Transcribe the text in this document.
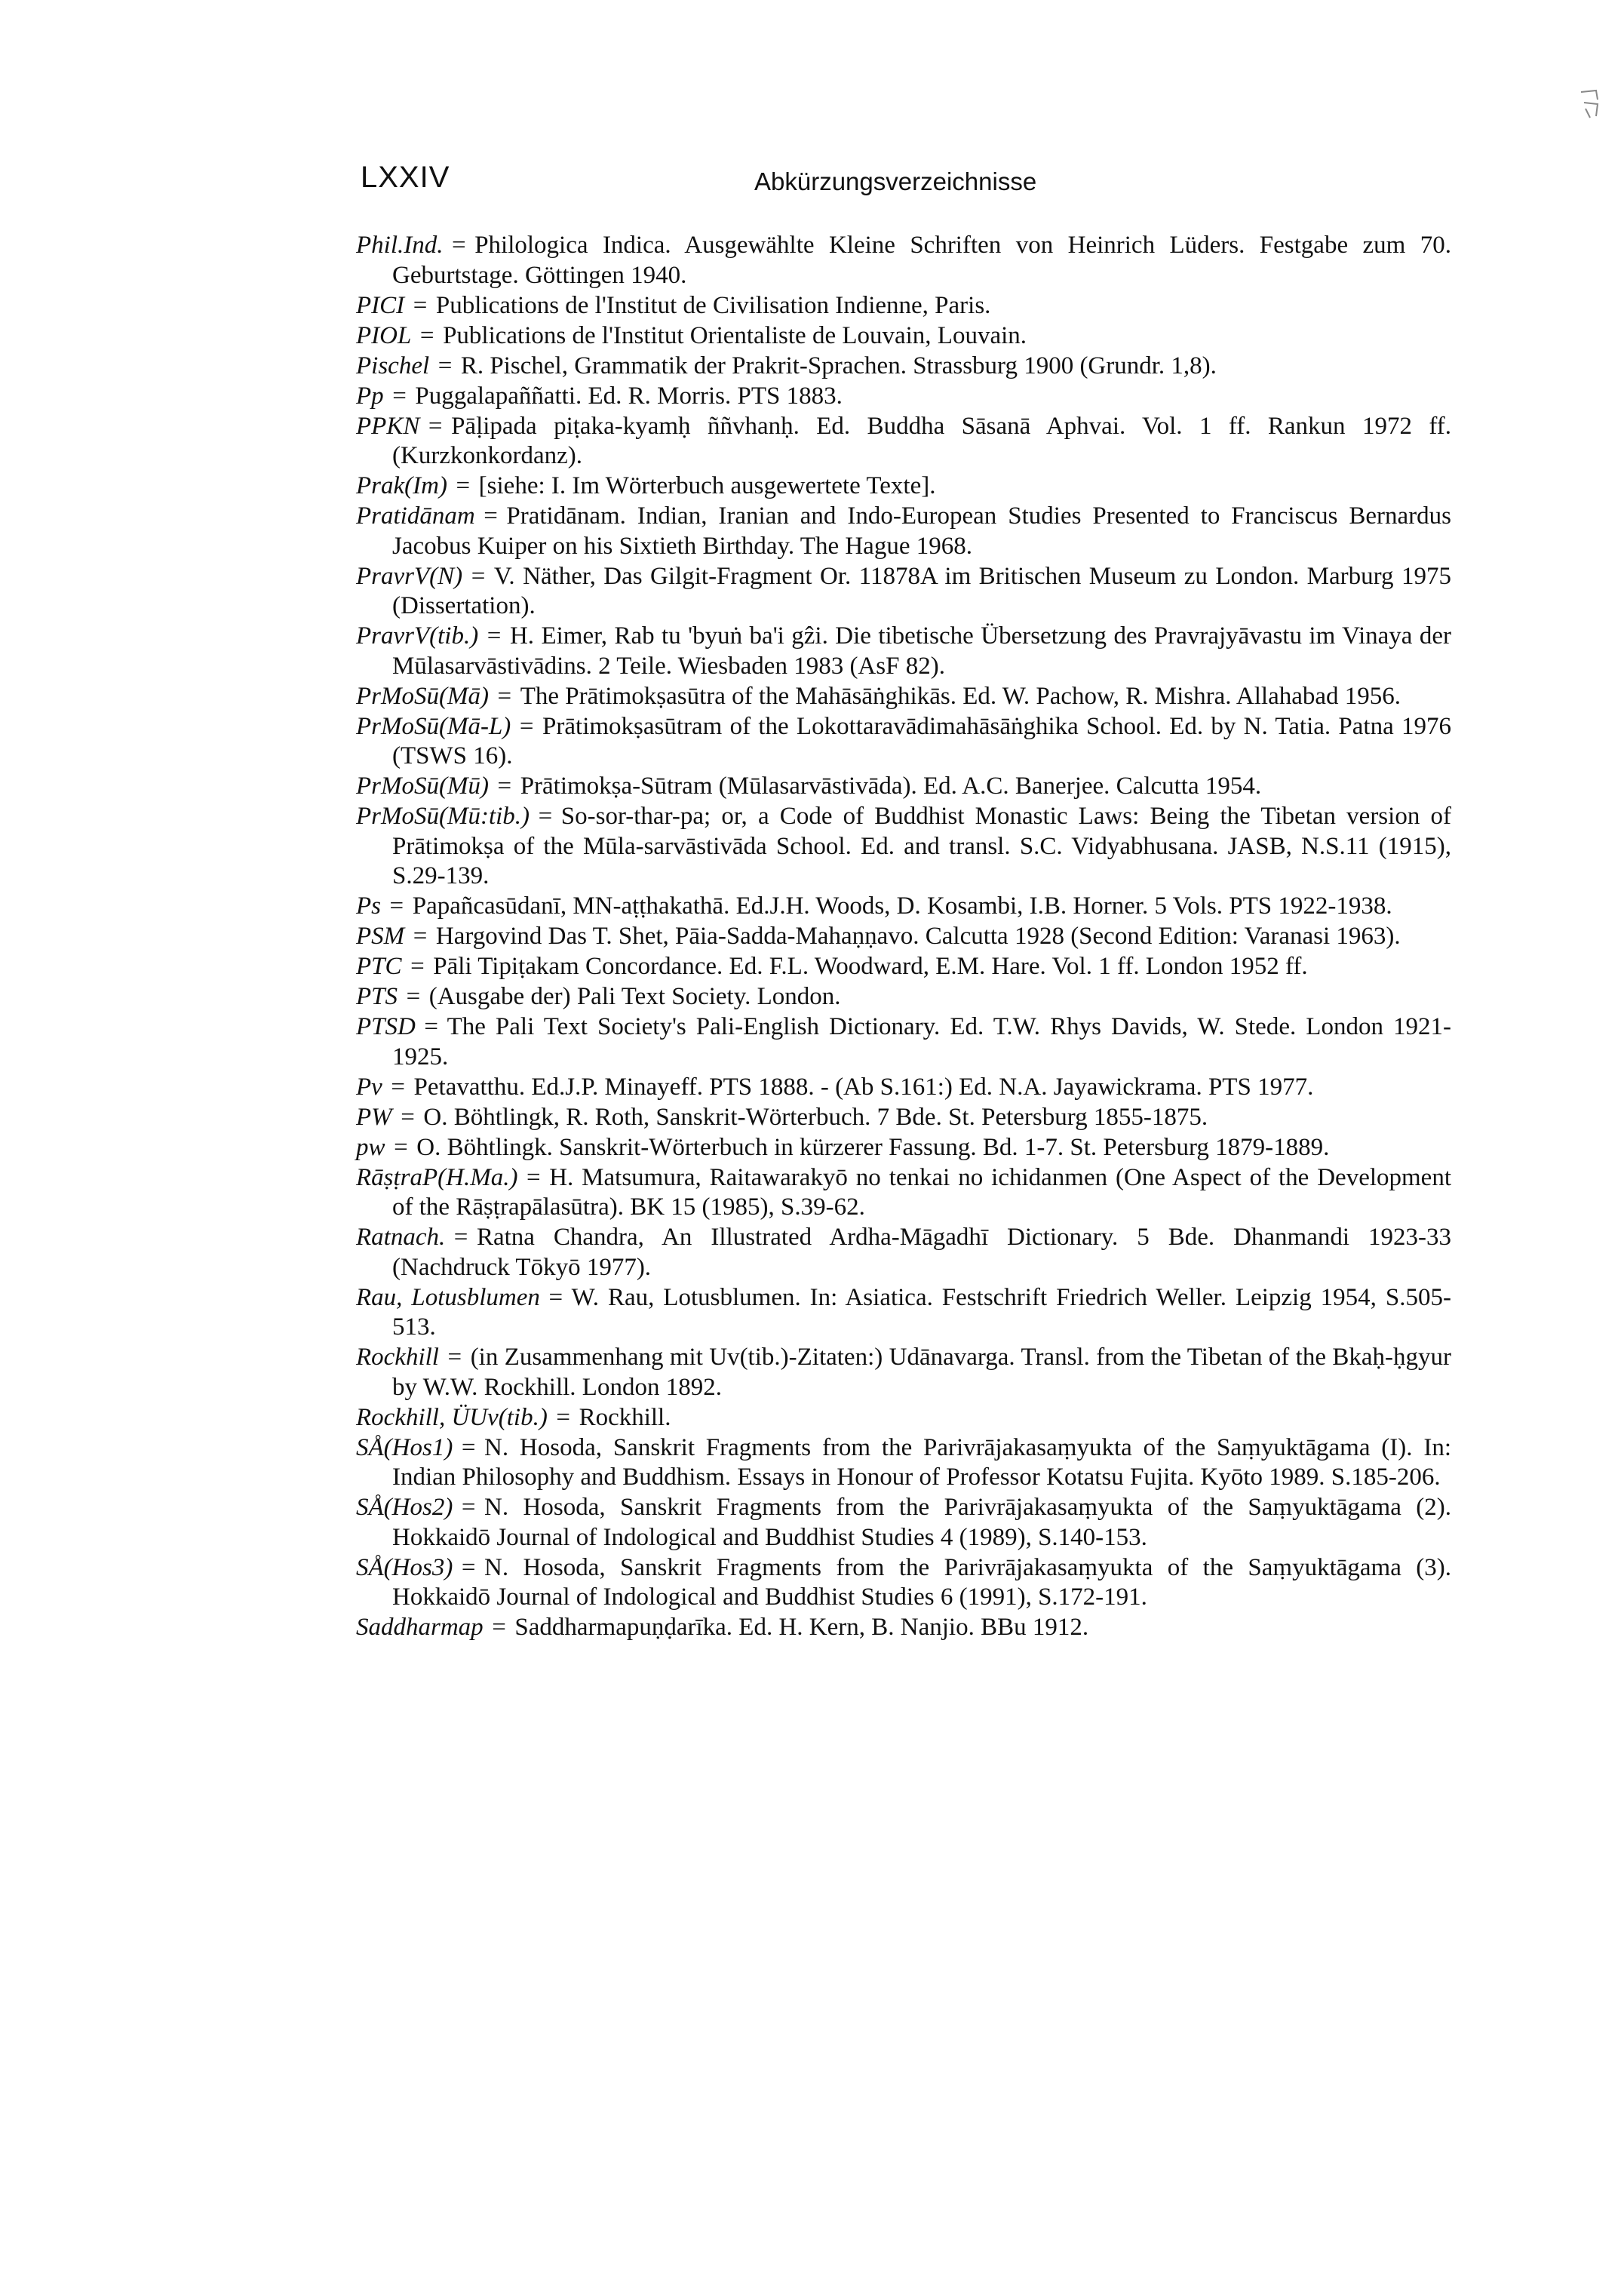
LXXIV	Abkürzungsverzeichnisse

Phil.Ind. = Philologica Indica. Ausgewählte Kleine Schriften von Heinrich Lüders. Festgabe zum 70. Geburtstage. Göttingen 1940.

PICI = Publications de l'Institut de Civilisation Indienne, Paris.

PIOL = Publications de l'Institut Orientaliste de Louvain, Louvain.

Pischel = R. Pischel, Grammatik der Prakrit-Sprachen. Strassburg 1900 (Grundr. 1,8).

Pp = Puggalapaññatti. Ed. R. Morris. PTS 1883.

PPKN = Pāḷipada piṭaka-kyamḥ ññvhanḥ. Ed. Buddha Sāsanā Aphvai. Vol. 1 ff. Rankun 1972 ff. (Kurzkonkordanz).

Prak(Im) = [siehe: I. Im Wörterbuch ausgewertete Texte].

Pratidānam = Pratidānam. Indian, Iranian and Indo-European Studies Presented to Franciscus Bernardus Jacobus Kuiper on his Sixtieth Birthday. The Hague 1968.

PravrV(N) = V. Näther, Das Gilgit-Fragment Or. 11878A im Britischen Museum zu London. Marburg 1975 (Dissertation).

PravrV(tib.) = H. Eimer, Rab tu 'byuṅ ba'i gẑi. Die tibetische Übersetzung des Pravrajyāvastu im Vinaya der Mūlasarvāstivādins. 2 Teile. Wiesbaden 1983 (AsF 82).

PrMoSū(Mā) = The Prātimokṣasūtra of the Mahāsāṅghikās. Ed. W. Pachow, R. Mishra. Allahabad 1956.

PrMoSū(Mā-L) = Prātimokṣasūtram of the Lokottaravādimahāsāṅghika School. Ed. by N. Tatia. Patna 1976 (TSWS 16).

PrMoSū(Mū) = Prātimokṣa-Sūtram (Mūlasarvāstivāda). Ed. A.C. Banerjee. Calcutta 1954.

PrMoSū(Mū:tib.) = So-sor-thar-pa; or, a Code of Buddhist Monastic Laws: Being the Tibetan version of Prātimokṣa of the Mūla-sarvāstivāda School. Ed. and transl. S.C. Vidyabhusana. JASB, N.S.11 (1915), S.29-139.

Ps = Papañcasūdanī, MN-aṭṭhakathā. Ed.J.H. Woods, D. Kosambi, I.B. Horner. 5 Vols. PTS 1922-1938.

PSM = Hargovind Das T. Shet, Pāia-Sadda-Mahaṇṇavo. Calcutta 1928 (Second Edition: Varanasi 1963).

PTC = Pāli Tipiṭakam Concordance. Ed. F.L. Woodward, E.M. Hare. Vol. 1 ff. London 1952 ff.

PTS = (Ausgabe der) Pali Text Society. London.

PTSD = The Pali Text Society's Pali-English Dictionary. Ed. T.W. Rhys Davids, W. Stede. London 1921-1925.

Pv = Petavatthu. Ed.J.P. Minayeff. PTS 1888. - (Ab S.161:) Ed. N.A. Jayawickrama. PTS 1977.

PW = O. Böhtlingk, R. Roth, Sanskrit-Wörterbuch. 7 Bde. St. Petersburg 1855-1875.

pw = O. Böhtlingk. Sanskrit-Wörterbuch in kürzerer Fassung. Bd. 1-7. St. Petersburg 1879-1889.

RāṣṭraP(H.Ma.) = H. Matsumura, Raitawarakyō no tenkai no ichidanmen (One Aspect of the Development of the Rāṣṭrapālasūtra). BK 15 (1985), S.39-62.

Ratnach. = Ratna Chandra, An Illustrated Ardha-Māgadhī Dictionary. 5 Bde. Dhanmandi 1923-33 (Nachdruck Tōkyō 1977).

Rau, Lotusblumen = W. Rau, Lotusblumen. In: Asiatica. Festschrift Friedrich Weller. Leipzig 1954, S.505-513.

Rockhill = (in Zusammenhang mit Uv(tib.)-Zitaten:) Udānavarga. Transl. from the Tibetan of the Bkaḥ-ḥgyur by W.W. Rockhill. London 1892.

Rockhill, ÜUv(tib.) = Rockhill.

SÅ(Hos1) = N. Hosoda, Sanskrit Fragments from the Parivrājakasaṃyukta of the Saṃyuktāgama (I). In: Indian Philosophy and Buddhism. Essays in Honour of Professor Kotatsu Fujita. Kyōto 1989. S.185-206.

SÅ(Hos2) = N. Hosoda, Sanskrit Fragments from the Parivrājakasaṃyukta of the Saṃyuktāgama (2). Hokkaidō Journal of Indological and Buddhist Studies 4 (1989), S.140-153.

SÅ(Hos3) = N. Hosoda, Sanskrit Fragments from the Parivrājakasaṃyukta of the Saṃyuktāgama (3). Hokkaidō Journal of Indological and Buddhist Studies 6 (1991), S.172-191.

Saddharmap = Saddharmapuṇḍarīka. Ed. H. Kern, B. Nanjio. BBu 1912.
